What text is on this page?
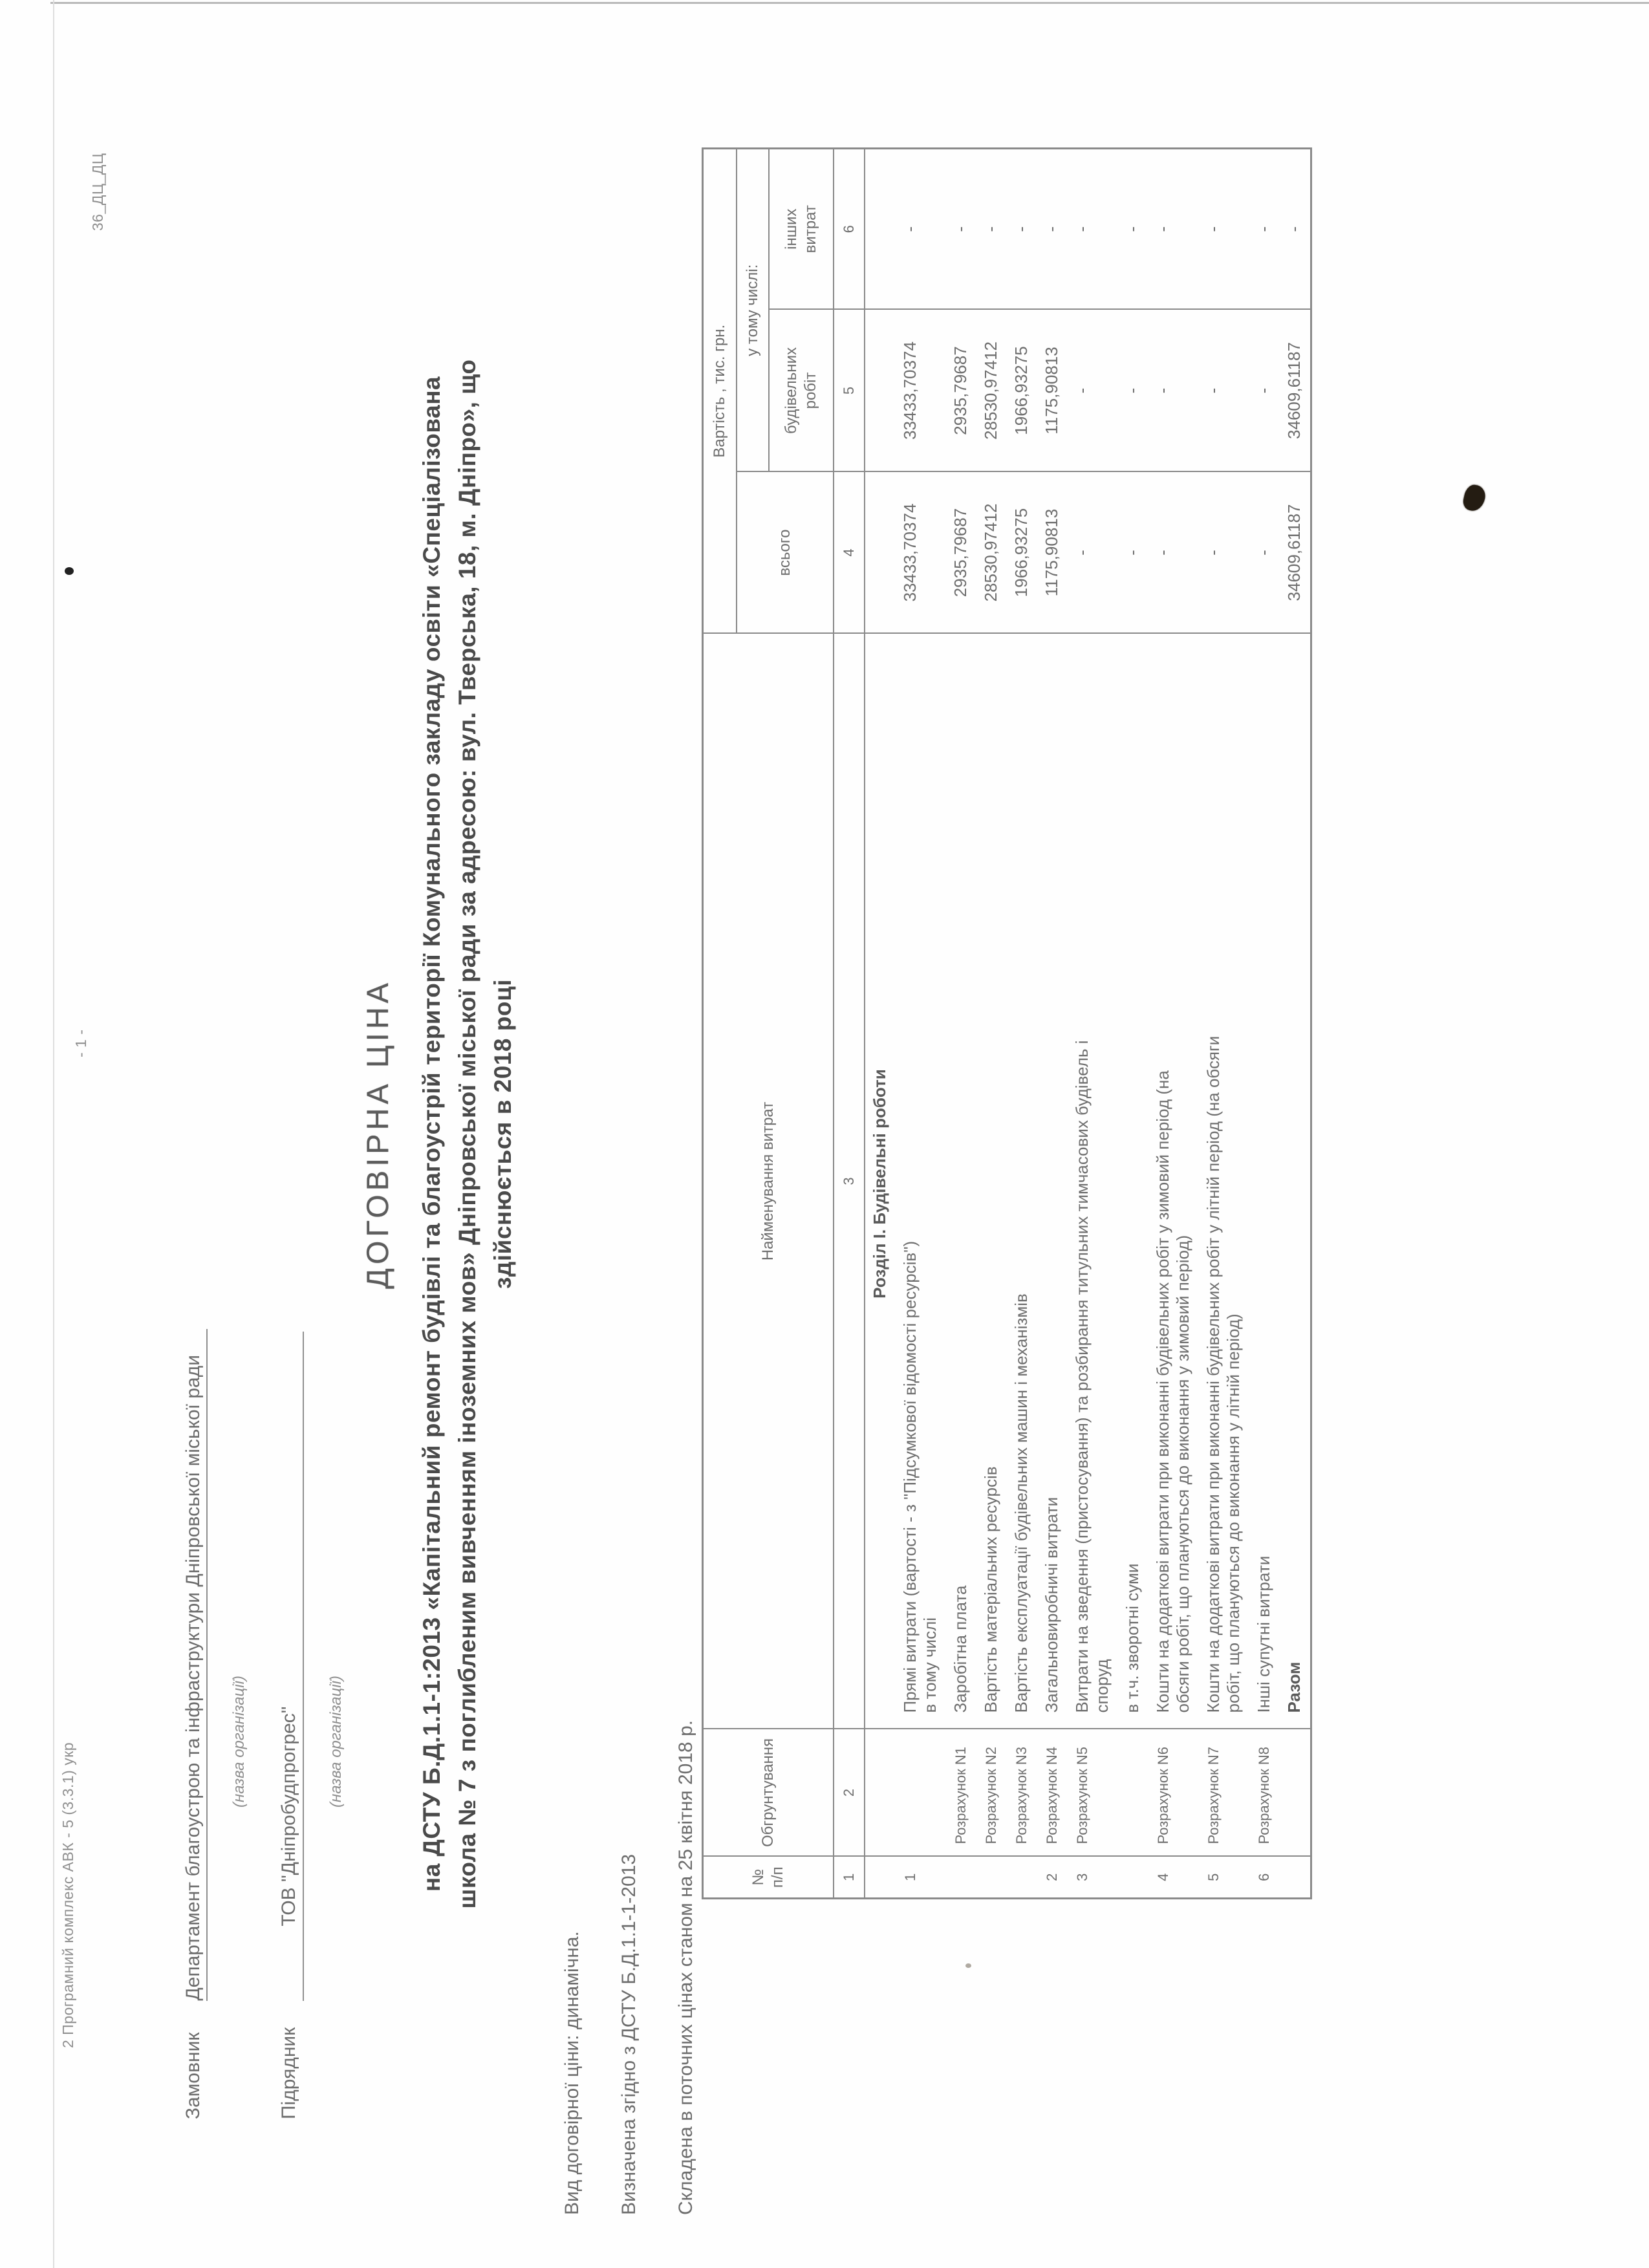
2 Програмний комплекс АВК - 5 (3.3.1) укр
- 1 -
36_ДЦ_ДЦ
Замовник Департамент благоустрою та інфраструктури Дніпровської міської ради (назва організації)
Підрядник ТОВ "Дніпробудпрогрес" (назва організації)
ДОГОВІРНА ЦІНА на ДСТУ Б.Д.1.1-1:2013 «Капітальний ремонт будівлі та благоустрій території Комунального закладу освіти «Спеціалізована школа № 7 з поглибленим вивченням іноземних мов» Дніпровської міської ради за адресою: вул. Тверська, 18, м. Дніпро», що здійснюється в 2018 році
Вид договірної ціни: динамічна. Визначена згідно з ДСТУ Б.Д.1.1-1-2013 Складена в поточних цінах станом на 25 квітня 2018 р.	№ п/п	Обгрунтування	Найменування витрат	Вартість , тис. грн.		
			всього	у тому числі:	

				будівельних робіт	інших витрат

1	2	3	4	5	6

		Розділ І. Будівельні роботи			

1		Прямі витрати (вартості - з "Підсумкової відомості ресурсів") в тому числі	33433,70374	33433,70374	-
	Розрахунок N1	Заробітна плата	2935,79687	2935,79687	-
	Розрахунок N2	Вартість матеріальних ресурсів	28530,97412	28530,97412	-
	Розрахунок N3	Вартість експлуатації будівельних машин і механізмів	1966,93275	1966,93275	-
2	Розрахунок N4	Загальновиробничі витрати	1175,90813	1175,90813	-
3	Розрахунок N5	Витрати на зведення (пристосування) та розбирання титульних тимчасових будівель і споруд	-	-	-

		в т.ч. зворотні суми	-	-	-
4	Розрахунок N6	Кошти на додаткові витрати при виконанні будівельних робіт у зимовий період (на обсяги робіт, що плануються до виконання у зимовий період)	-	-	-
5	Розрахунок N7	Кошти на додаткові витрати при виконанні будівельних робіт у літній період (на обсяги робіт, що плануються до виконання у літній період)	-	-	-
6	Розрахунок N8	Інші супутні витрати	-	-	-

		Разом	34609,61187	34609,61187	-
